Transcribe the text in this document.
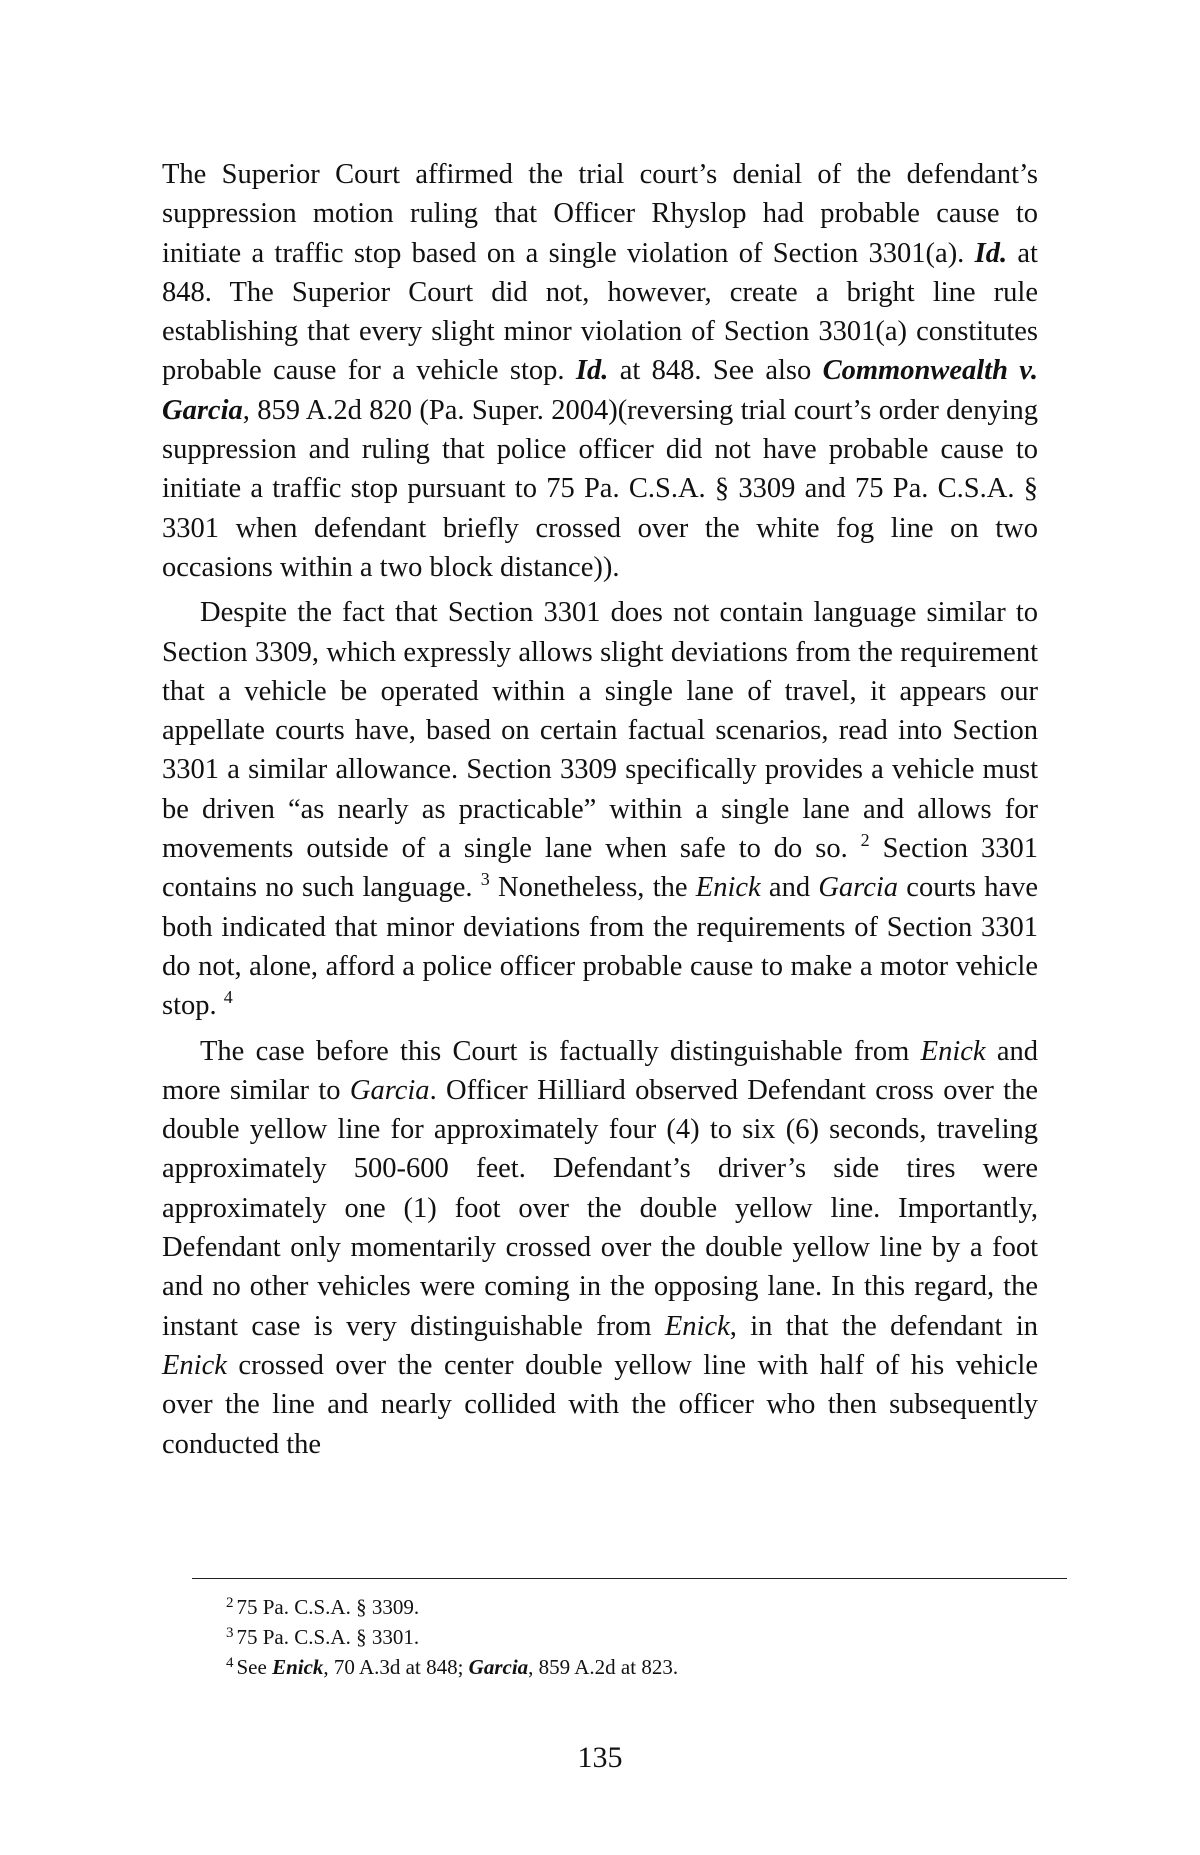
The Superior Court affirmed the trial court’s denial of the defendant’s suppression motion ruling that Officer Rhyslop had probable cause to initiate a traffic stop based on a single violation of Section 3301(a). Id. at 848. The Superior Court did not, however, create a bright line rule establishing that every slight minor violation of Section 3301(a) constitutes probable cause for a vehicle stop. Id. at 848. See also Commonwealth v. Garcia, 859 A.2d 820 (Pa. Super. 2004)(reversing trial court’s order denying suppression and ruling that police officer did not have probable cause to initiate a traffic stop pursuant to 75 Pa. C.S.A. § 3309 and 75 Pa. C.S.A. § 3301 when defendant briefly crossed over the white fog line on two occasions within a two block distance)).

Despite the fact that Section 3301 does not contain language similar to Section 3309, which expressly allows slight deviations from the requirement that a vehicle be operated within a single lane of travel, it appears our appellate courts have, based on certain factual scenarios, read into Section 3301 a similar allowance. Section 3309 specifically provides a vehicle must be driven “as nearly as practicable” within a single lane and allows for movements outside of a single lane when safe to do so. $^2$ Section 3301 contains no such language. $^3$ Nonetheless, the Enick and Garcia courts have both indicated that minor deviations from the requirements of Section 3301 do not, alone, afford a police officer probable cause to make a motor vehicle stop. $^4$

The case before this Court is factually distinguishable from Enick and more similar to Garcia. Officer Hilliard observed Defendant cross over the double yellow line for approximately four (4) to six (6) seconds, traveling approximately 500-600 feet. Defendant’s driver’s side tires were approximately one (1) foot over the double yellow line. Importantly, Defendant only momentarily crossed over the double yellow line by a foot and no other vehicles were coming in the opposing lane. In this regard, the instant case is very distinguishable from Enick, in that the defendant in Enick crossed over the center double yellow line with half of his vehicle over the line and nearly collided with the officer who then subsequently conducted the

$^2$ 75 Pa. C.S.A. § 3309.

$^3$ 75 Pa. C.S.A. § 3301.

$^4$ See Enick, 70 A.3d at 848; Garcia, 859 A.2d at 823.

135
